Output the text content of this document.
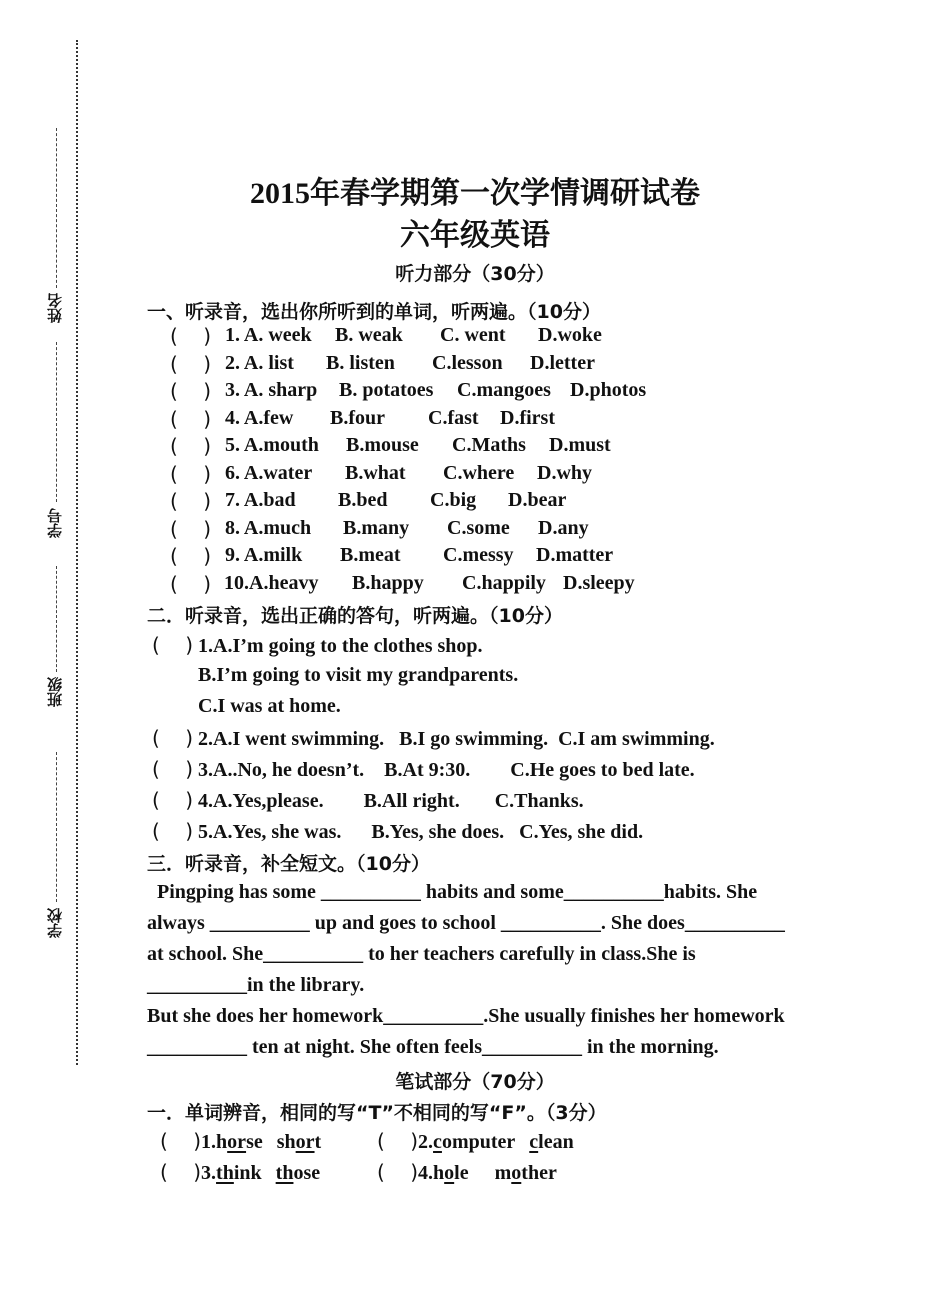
姓名
学号
班级
学校
2015年春学期第一次学情调研试卷
六年级英语
听力部分（30分）
一、听录音，选出你所听到的单词，听两遍。（10分）
(    ) 1. A. week B. weak C. went D.woke
(    ) 2. A. list B. listen C.lesson D.letter
(    ) 3. A. sharp B. potatoes C.mangoes D.photos
(    ) 4. A.few B.four C.fast D.first
(    ) 5. A.mouth B.mouse C.Maths D.must
(    ) 6. A.water B.what C.where D.why
(    ) 7. A.bad B.bed C.big D.bear
(    ) 8. A.much B.many C.some D.any
(    ) 9. A.milk B.meat C.messy D.matter
(    ) 10.A.heavy B.happy C.happily D.sleepy
二．听录音，选出正确的答句，听两遍。（10分）
(    ) 1.A.I’m going to the clothes shop.
B.I’m going to visit my grandparents.
C.I was at home.
(    ) 2.A.I went swimming.   B.I go swimming.  C.I am swimming.
(    ) 3.A..No, he doesn’t.    B.At 9:30.        C.He goes to bed late.
(    ) 4.A.Yes,please.        B.All right.       C.Thanks.
(    ) 5.A.Yes, she was.      B.Yes, she does.   C.Yes, she did.
三．听录音，补全短文。（10分）
Pingping has some __________ habits and some__________habits. She
always __________ up and goes to school __________. She does__________
at school. She__________ to her teachers carefully in class.She is
__________in the library.
But she does her homework__________.She usually finishes her homework
__________ ten at night. She often feels__________ in the morning.
笔试部分（70分）
一．单词辨音，相同的写“T”不相同的写“F”。（3分）
(    )1.horse short	(    )2.computer clean
(    )3.think those	(    )4.hole mother
